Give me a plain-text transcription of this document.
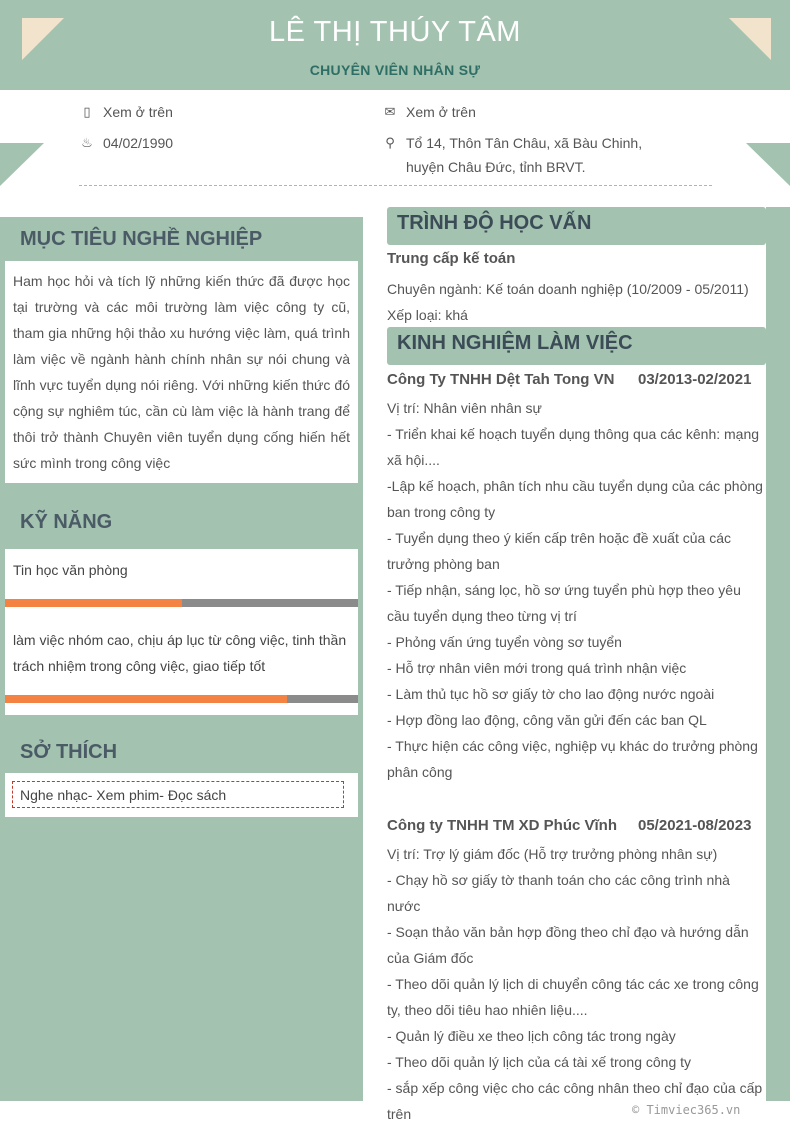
LÊ THỊ THÚY TÂM
CHUYÊN VIÊN NHÂN SỰ
▯ Xem ở trên	✉ Xem ở trên
♨ 04/02/1990	⚲ Tổ 14, Thôn Tân Châu, xã Bàu Chinh,
huyện Châu Đức, tỉnh BRVT.
MỤC TIÊU NGHỀ NGHIỆP
Ham học hỏi và tích lỹ những kiến thức đã được học tại trường và các môi trường làm việc công ty cũ, tham gia những hội thảo xu hướng việc làm, quá trình làm việc về ngành hành chính nhân sự nói chung và lĩnh vực tuyển dụng nói riêng. Với những kiến thức đó cộng sự nghiêm túc, cần cù làm việc là hành trang để thôi trở thành Chuyên viên tuyển dụng cống hiến hết sức mình trong công việc
KỸ NĂNG
Tin học văn phòng
làm việc nhóm cao, chịu áp lục từ công việc, tinh thần trách nhiệm trong công việc, giao tiếp tốt
SỞ THÍCH
Nghe nhạc- Xem phim- Đọc sách
TRÌNH ĐỘ HỌC VẤN
Trung cấp kế toán
Chuyên ngành: Kế toán doanh nghiệp (10/2009 - 05/2011)
Xếp loại: khá
KINH NGHIỆM LÀM VIỆC
Công Ty TNHH Dệt Tah Tong VN 03/2013-02/2021
Vị trí: Nhân viên nhân sự
- Triển khai kế hoạch tuyển dụng thông qua các kênh: mạng xã hội....
-Lập kế hoạch, phân tích nhu cầu tuyển dụng của các phòng ban trong công ty
- Tuyển dụng theo ý kiến cấp trên hoặc đề xuất của các trưởng phòng ban
- Tiếp nhận, sáng lọc, hồ sơ ứng tuyển phù hợp theo yêu cầu tuyển dụng theo từng vị trí
- Phỏng vấn ứng tuyển vòng sơ tuyển
- Hỗ trợ nhân viên mới trong quá trình nhận việc
- Làm thủ tục hồ sơ giấy tờ cho lao động nước ngoài
- Hợp đồng lao động, công văn gửi đến các ban QL
- Thực hiện các công việc, nghiệp vụ khác do trưởng phòng phân công
Công ty TNHH TM XD Phúc Vĩnh 05/2021-08/2023
Vị trí: Trợ lý giám đốc (Hỗ trợ trưởng phòng nhân sự)
- Chạy hồ sơ giấy tờ thanh toán cho các công trình nhà nước
- Soạn thảo văn bản hợp đồng theo chỉ đạo và hướng dẫn của Giám đốc
- Theo dõi quản lý lịch di chuyển công tác các xe trong công ty, theo dõi tiêu hao nhiên liệu....
- Quản lý điều xe theo lịch công tác trong ngày
- Theo dõi quản lý lịch của cá tài xế trong công ty
- sắp xếp công việc cho các công nhân theo chỉ đạo của cấp trên	© Timviec365.vn
